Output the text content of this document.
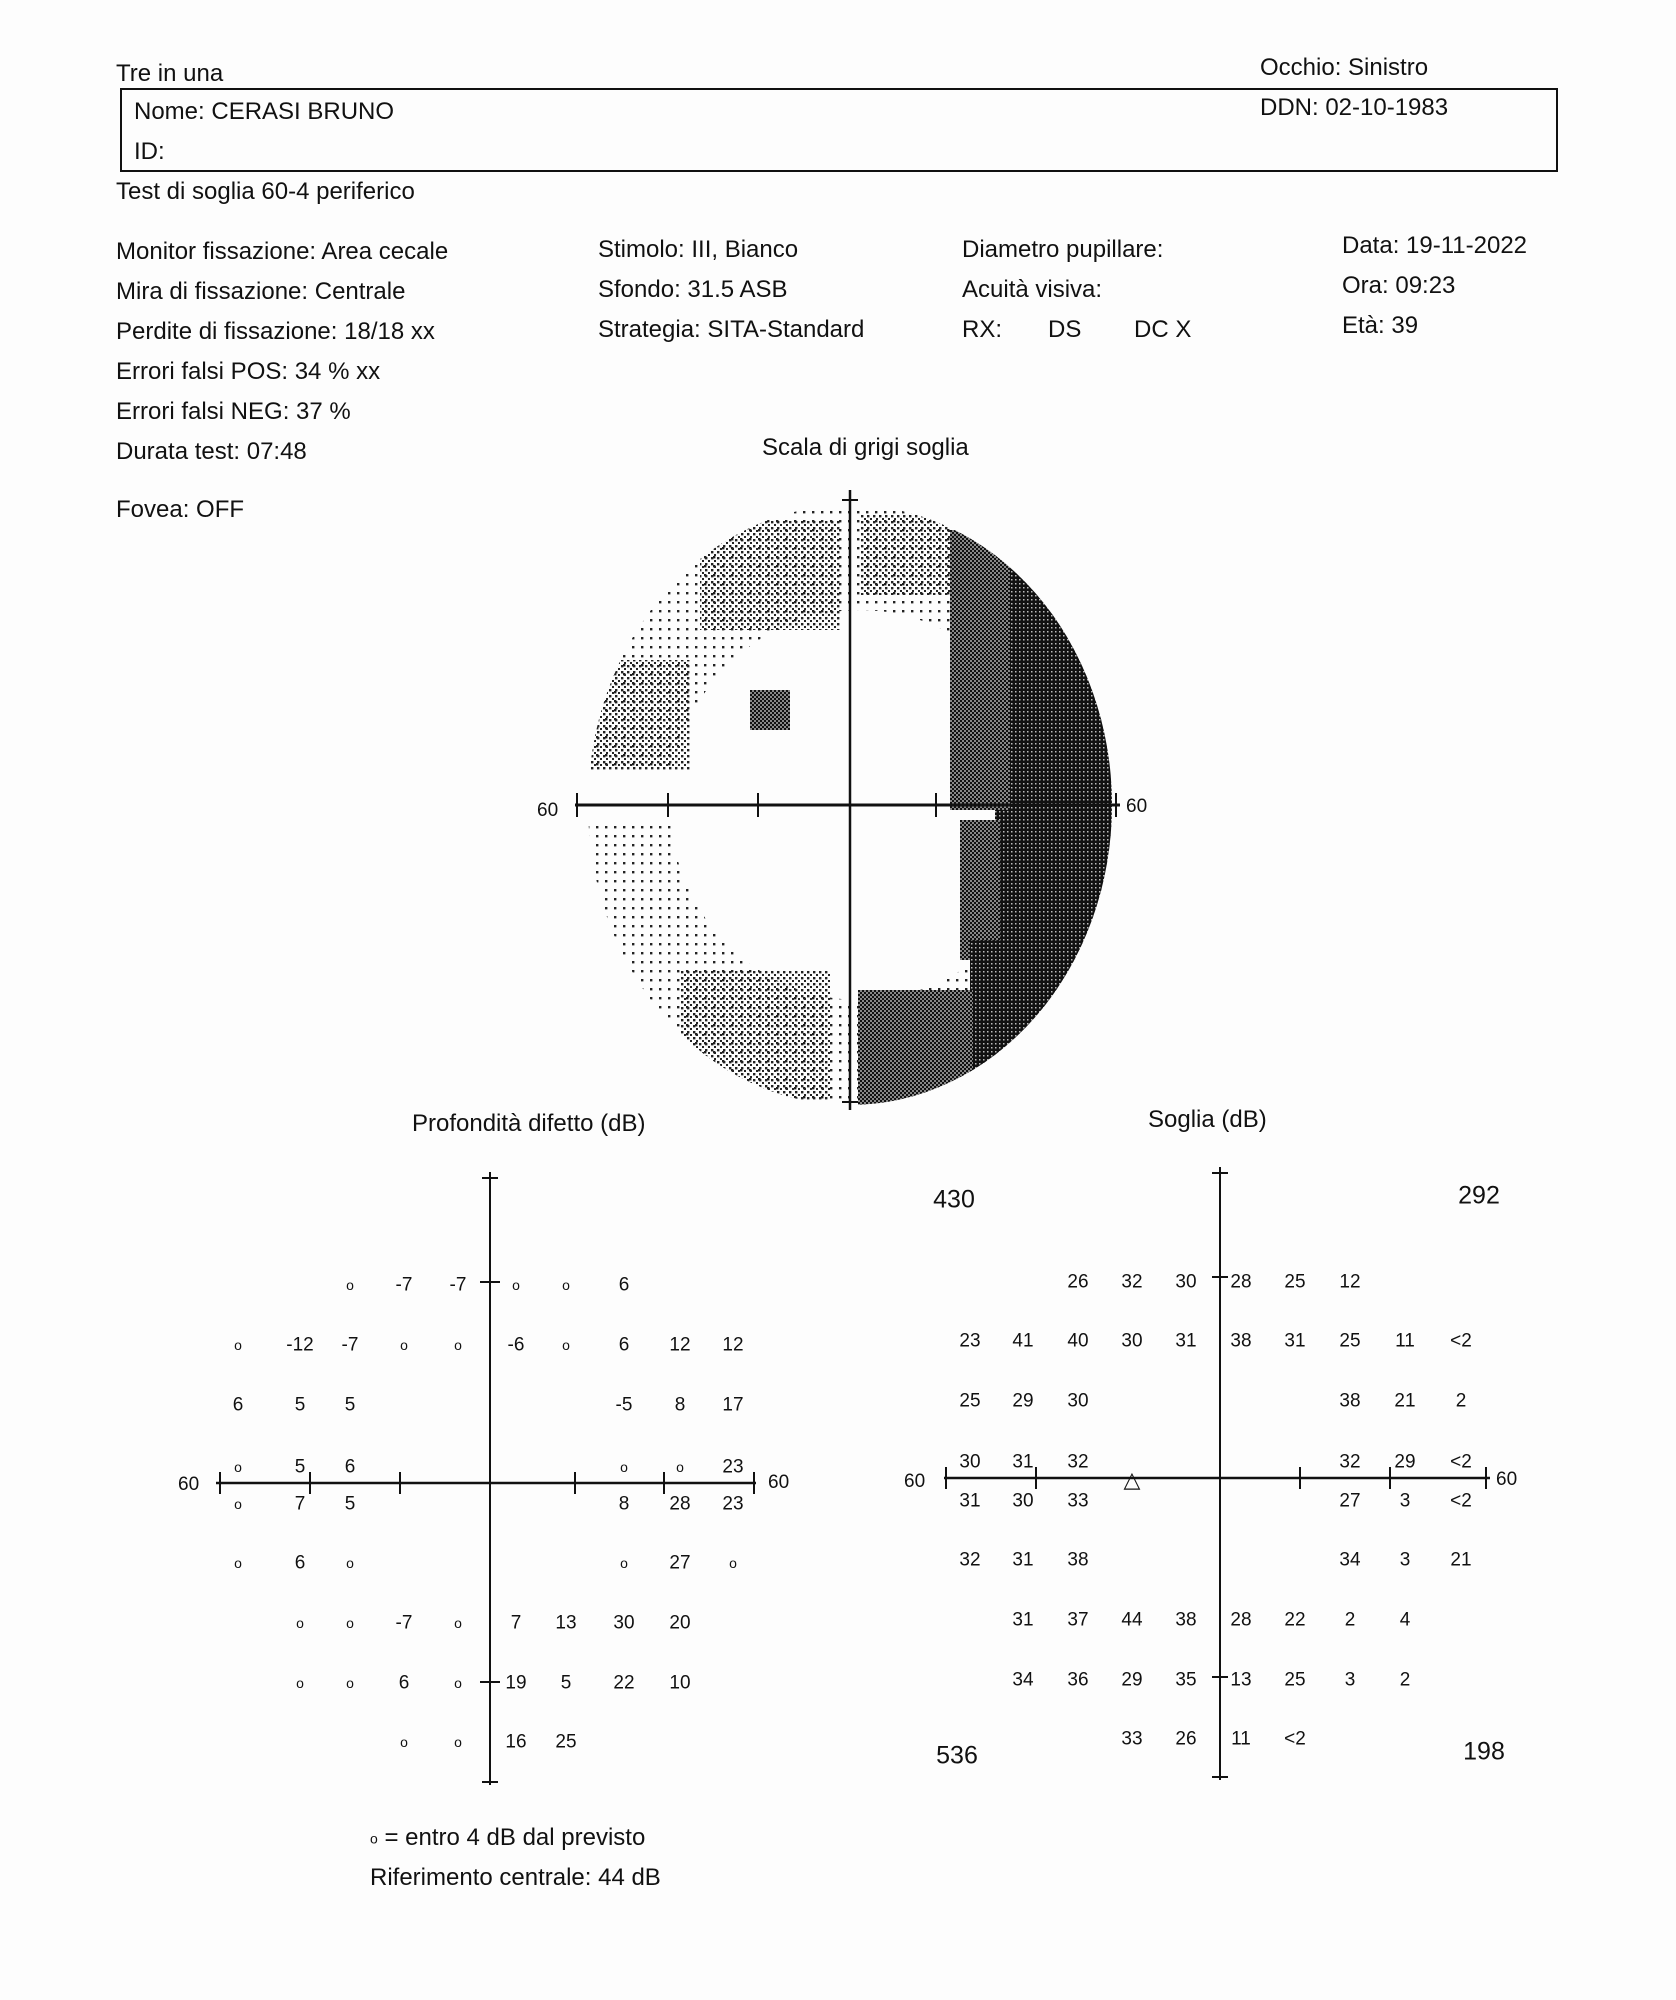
Tre in una	Occhio: Sinistro
Nome: CERASI BRUNO
ID:
DDN: 02-10-1983
Test di soglia 60-4 periferico
Monitor fissazione: Area cecale
Mira di fissazione: Centrale
Perdite di fissazione: 18/18 xx
Errori falsi POS: 34 % xx
Errori falsi NEG: 37 %
Durata test: 07:48
Fovea: OFF
Stimolo: III, Bianco
Sfondo: 31.5 ASB
Strategia: SITA-Standard
Diametro pupillare:
Acuità visiva:
RX: DS DC X
Data: 19-11-2022
Ora: 09:23
Età: 39
Scala di grigi soglia
60	60
Profondità difetto (dB)
60	60
o -7 -7	o	o	6
o -12 -7	o	o -6	o	6 12 12
6	5 5	-5 8 17
o	5 6	o	o 23
o	7 5	8 28 23
o	6	o	o 27	o
o	o -7	o	7 13 30 20
o	o 6	o 19 5 22 10
o	o 16 25
o = entro 4 dB dal previsto
Riferimento centrale: 44 dB
Soglia (dB)
60	60
△
26 32 30 28 25 12
23 41 40 30 31 38 31 25 11 <2
25 29 30	38 21 2
30 31 32	32 29 <2
31 30 33	27 3 <2
32 31 38	34 3 21
31 37 44 38 28 22 2 4
34 36 29 35 13 25 3 2
33 26 11 <2
430	292
536	198
